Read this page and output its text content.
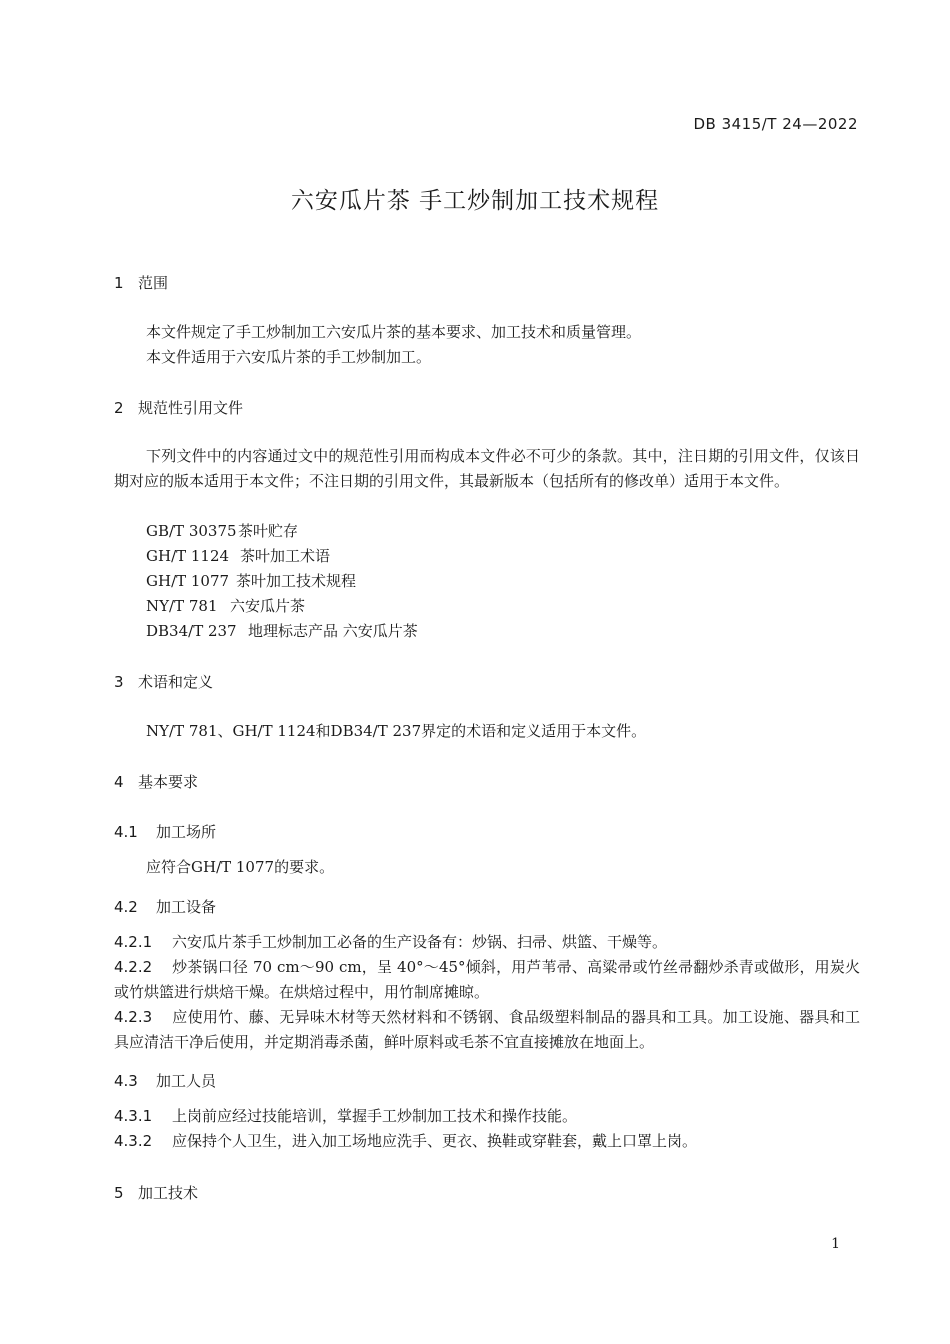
DB 3415/T 24—2022
六安瓜片茶 手工炒制加工技术规程
1 范围
本文件规定了手工炒制加工六安瓜片茶的基本要求、加工技术和质量管理。
本文件适用于六安瓜片茶的手工炒制加工。
2 规范性引用文件
下列文件中的内容通过文中的规范性引用而构成本文件必不可少的条款。其中，注日期的引用文件，仅该日期对应的版本适用于本文件；不注日期的引用文件，其最新版本（包括所有的修改单）适用于本文件。
GB/T 30375茶叶贮存
GH/T 1124 茶叶加工术语
GH/T 1077 茶叶加工技术规程
NY/T 781 六安瓜片茶
DB34/T 237 地理标志产品 六安瓜片茶
3 术语和定义
NY/T 781、GH/T 1124和DB34/T 237界定的术语和定义适用于本文件。
4 基本要求
4.1 加工场所
应符合GH/T 1077的要求。
4.2 加工设备
4.2.1 六安瓜片茶手工炒制加工必备的生产设备有：炒锅、扫帚、烘篮、干燥等。
4.2.2 炒茶锅口径 70 cm～90 cm，呈 40°～45°倾斜，用芦苇帚、高粱帚或竹丝帚翻炒杀青或做形，用炭火或竹烘篮进行烘焙干燥。在烘焙过程中，用竹制席摊晾。
4.2.3 应使用竹、藤、无异味木材等天然材料和不锈钢、食品级塑料制品的器具和工具。加工设施、器具和工具应清洁干净后使用，并定期消毒杀菌，鲜叶原料或毛茶不宜直接摊放在地面上。
4.3 加工人员
4.3.1 上岗前应经过技能培训，掌握手工炒制加工技术和操作技能。
4.3.2 应保持个人卫生，进入加工场地应洗手、更衣、换鞋或穿鞋套，戴上口罩上岗。
5 加工技术
1
